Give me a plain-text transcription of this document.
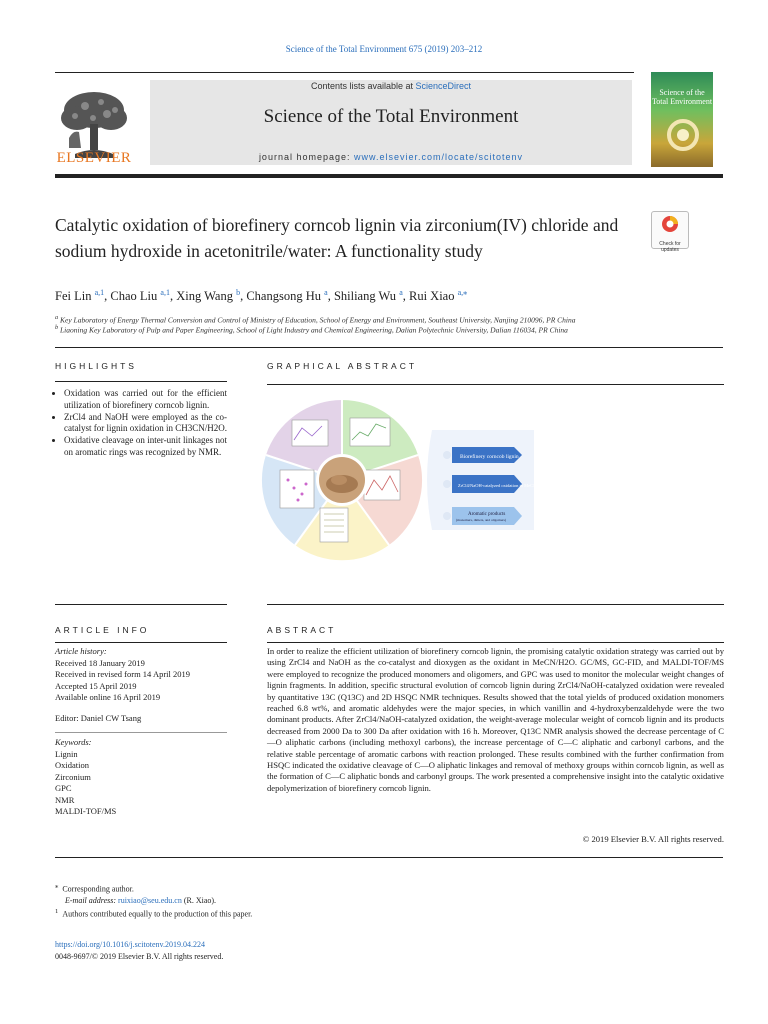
Science of the Total Environment 675 (2019) 203–212
ELSEVIER
Contents lists available at ScienceDirect
Science of the Total Environment
journal homepage: www.elsevier.com/locate/scitotenv
Science of the Total Environment
Catalytic oxidation of biorefinery corncob lignin via zirconium(IV) chloride and sodium hydroxide in acetonitrile/water: A functionality study	Check for updates
Fei Lin $^{a,1}$, Chao Liu $^{a,1}$, Xing Wang $^b$, Changsong Hu $^a$, Shiliang Wu $^a$, Rui Xiao $^{a,⁎}$
$^a$ Key Laboratory of Energy Thermal Conversion and Control of Ministry of Education, School of Energy and Environment, Southeast University, Nanjing 210096, PR China
$^b$ Liaoning Key Laboratory of Pulp and Paper Engineering, School of Light Industry and Chemical Engineering, Dalian Polytechnic University, Dalian 116034, PR China
HIGHLIGHTS
• Oxidation was carried out for the efficient utilization of biorefinery corncob lignin.
• ZrCl4 and NaOH were employed as the co-catalyst for lignin oxidation in CH3CN/H2O.
• Oxidative cleavage on inter-unit linkages not on aromatic rings was recognized by NMR.
GRAPHICAL ABSTRACT
Biorefinery corncob lignin
ZrCl4/NaOH-catalyzed oxidation in MeCN/H2O
Aromatic products
(monomers, dimers, and oligomers)
ARTICLE INFO
Article history:
Received 18 January 2019
Received in revised form 14 April 2019
Accepted 15 April 2019
Available online 16 April 2019
Editor: Daniel CW Tsang
Keywords:
Lignin
Oxidation
Zirconium
GPC
NMR
MALDI-TOF/MS
ABSTRACT
In order to realize the efficient utilization of biorefinery corncob lignin, the promising catalytic oxidation strategy was carried out by using ZrCl4 and NaOH as the co-catalyst and dioxygen as the oxidant in MeCN/H2O. GC/MS, GC-FID, and MALDI-TOF/MS were employed to recognize the produced monomers and oligomers, and GPC was used to monitor the molecular weight changes of lignin fragments. In addition, specific structural evolution of corncob lignin during ZrCl4/NaOH-catalyzed oxidation were revealed by quantitative 13C (Q13C) and 2D HSQC NMR techniques. Results showed that the total yields of produced oxidation monomers reached 6.8 wt%, and aromatic aldehydes were the major species, in which vanillin and 4-hydroxybenzaldehyde were the two dominant products. After ZrCl4/NaOH-catalyzed oxidation, the weight-average molecular weight of corncob lignin and its products decreased from 2000 Da to 300 Da after oxidation with 16 h. Moreover, Q13C NMR analysis showed the decrease percentage of C—O aliphatic carbons (including methoxyl carbons), the increase percentage of C—C aliphatic and carbonyl carbons, and the relative stable percentage of aromatic carbons with reaction prolonged. These results combined with the further confirmation from HSQC indicated the oxidative cleavage of C—O aliphatic linkages and removal of methoxy groups within corncob lignin, as well as the formation of C—C aliphatic bonds and carbonyl groups. The work presented a comprehensive insight into the catalytic oxidative depolymerization of biorefinery corncob lignin.
© 2019 Elsevier B.V. All rights reserved.
⁎ Corresponding author.
E-mail address: ruixiao@seu.edu.cn (R. Xiao).
$^1$ Authors contributed equally to the production of this paper.
https://doi.org/10.1016/j.scitotenv.2019.04.224
0048-9697/© 2019 Elsevier B.V. All rights reserved.
